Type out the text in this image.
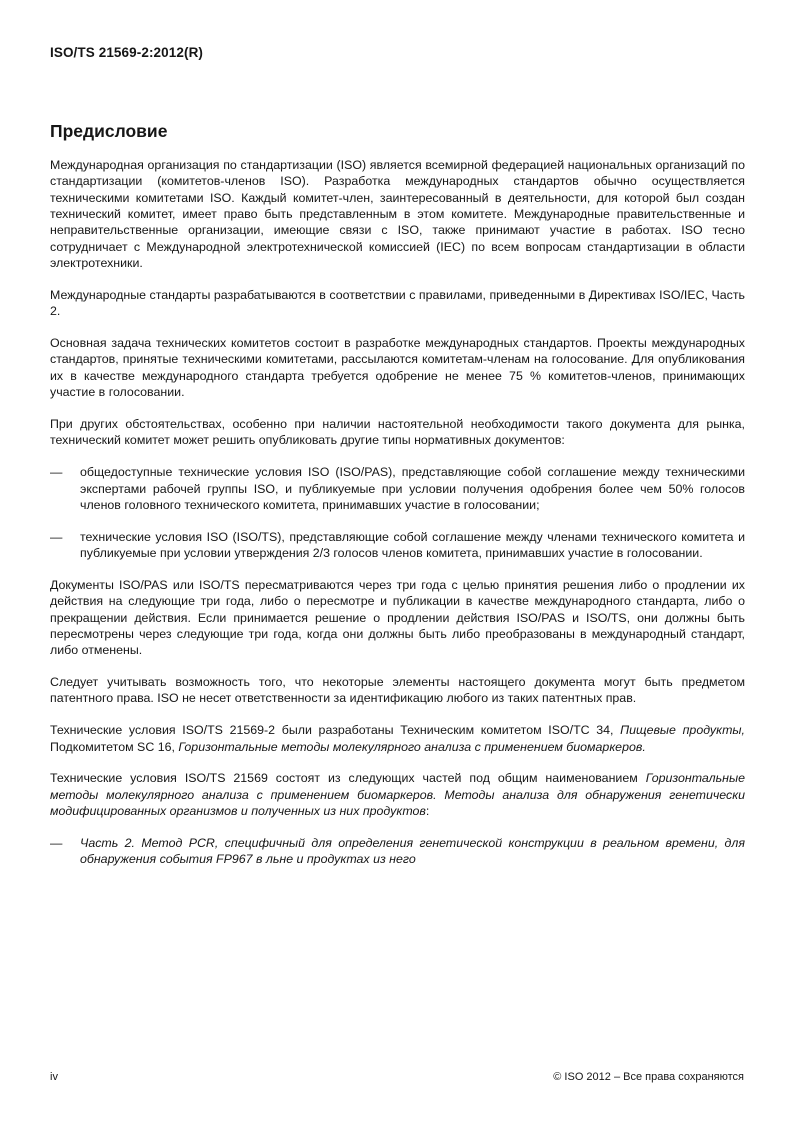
ISO/TS 21569-2:2012(R)
Предисловие
Международная организация по стандартизации (ISO) является всемирной федерацией национальных организаций по стандартизации (комитетов-членов ISO). Разработка международных стандартов обычно осуществляется техническими комитетами ISO. Каждый комитет-член, заинтересованный в деятельности, для которой был создан технический комитет, имеет право быть представленным в этом комитете. Международные правительственные и неправительственные организации, имеющие связи с ISO, также принимают участие в работах. ISO тесно сотрудничает с Международной электротехнической комиссией (IEC) по всем вопросам стандартизации в области электротехники.
Международные стандарты разрабатываются в соответствии с правилами, приведенными в Директивах ISO/IEC, Часть 2.
Основная задача технических комитетов состоит в разработке международных стандартов. Проекты международных стандартов, принятые техническими комитетами, рассылаются комитетам-членам на голосование. Для опубликования их в качестве международного стандарта требуется одобрение не менее 75 % комитетов-членов, принимающих участие в голосовании.
При других обстоятельствах, особенно при наличии настоятельной необходимости такого документа для рынка, технический комитет может решить опубликовать другие типы нормативных документов:
—	общедоступные технические условия ISO (ISO/PAS), представляющие собой соглашение между техническими экспертами рабочей группы ISO, и публикуемые при условии получения одобрения более чем 50% голосов членов головного технического комитета, принимавших участие в голосовании;
—	технические условия ISO (ISO/TS), представляющие собой соглашение между членами технического комитета и публикуемые при условии утверждения 2/3 голосов членов комитета, принимавших участие в голосовании.
Документы ISO/PAS или ISO/TS пересматриваются через три года с целью принятия решения либо о продлении их действия на следующие три года, либо о пересмотре и публикации в качестве международного стандарта, либо о прекращении действия. Если принимается решение о продлении действия ISO/PAS и ISO/TS, они должны быть пересмотрены через следующие три года, когда они должны быть либо преобразованы в международный стандарт, либо отменены.
Следует учитывать возможность того, что некоторые элементы настоящего документа могут быть предметом патентного права. ISO не несет ответственности за идентификацию любого из таких патентных прав.
Технические условия ISO/TS 21569-2 были разработаны Техническим комитетом ISO/TC 34, Пищевые продукты, Подкомитетом SC 16, Горизонтальные методы молекулярного анализа с применением биомаркеров.
Технические условия ISO/TS 21569 состоят из следующих частей под общим наименованием Горизонтальные методы молекулярного анализа с применением биомаркеров. Методы анализа для обнаружения генетически модифицированных организмов и полученных из них продуктов:
—	Часть 2. Метод PCR, специфичный для определения генетической конструкции в реальном времени, для обнаружения события FP967 в льне и продуктах из него
iv	© ISO 2012 – Все права сохраняются
